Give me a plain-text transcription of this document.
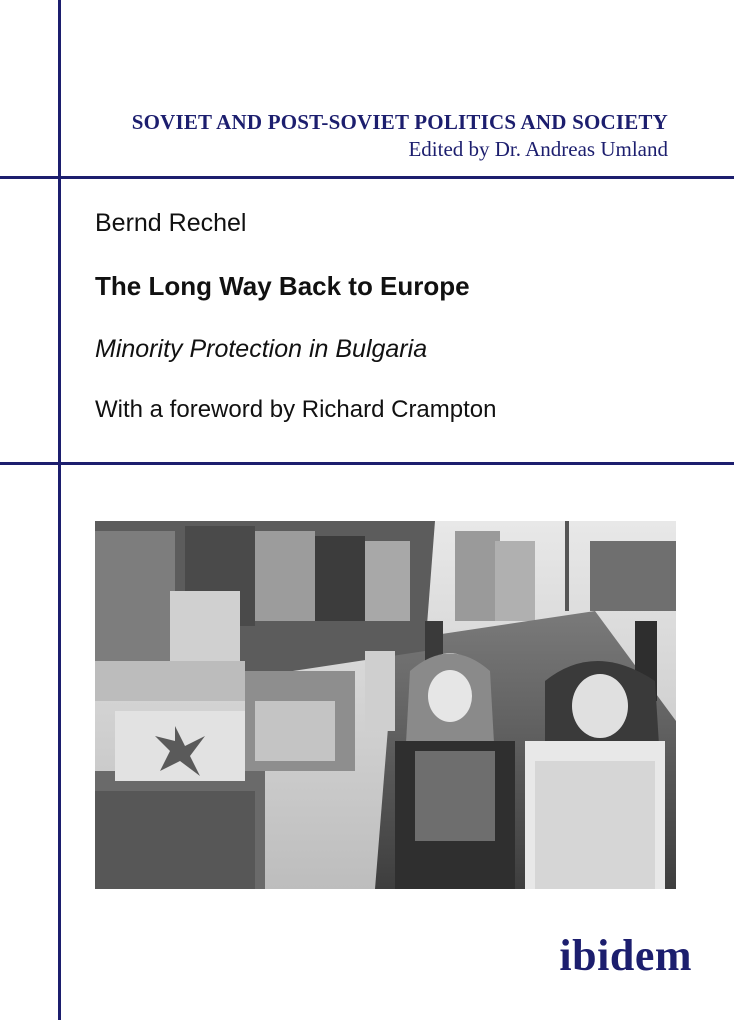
SOVIET AND POST-SOVIET POLITICS AND SOCIETY
Edited by Dr. Andreas Umland
Bernd Rechel
The Long Way Back to Europe
Minority Protection in Bulgaria
With a foreword by Richard Crampton
ibidem
